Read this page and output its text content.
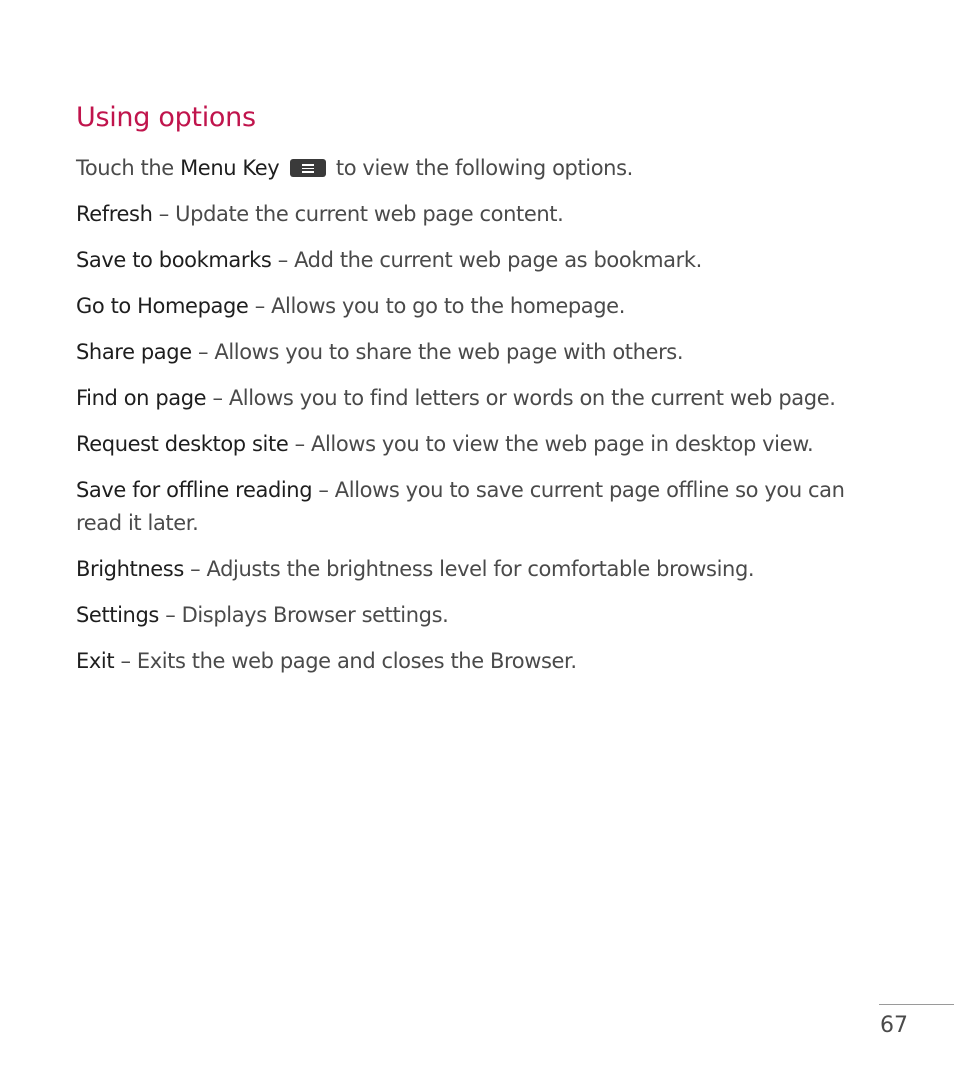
Using options

Touch the Menu Key
to view the following options.

Refresh – Update the current web page content.

Save to bookmarks – Add the current web page as bookmark.

Go to Homepage – Allows you to go to the homepage.

Share page – Allows you to share the web page with others.

Find on page – Allows you to find letters or words on the current web page.

Request desktop site – Allows you to view the web page in desktop view.

Save for offline reading – Allows you to save current page offline so you can read it later.

Brightness – Adjusts the brightness level for comfortable browsing.

Settings – Displays Browser settings.

Exit – Exits the web page and closes the Browser.

67
